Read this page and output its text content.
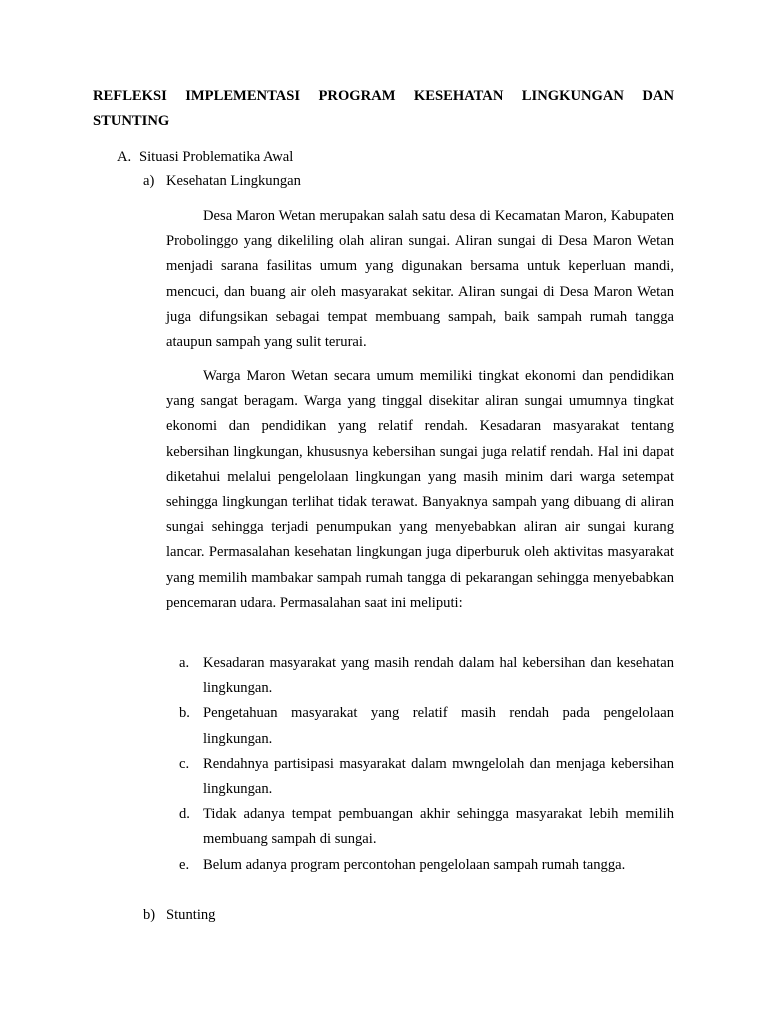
REFLEKSI IMPLEMENTASI PROGRAM KESEHATAN LINGKUNGAN DAN
STUNTING
A. Situasi Problematika Awal
a) Kesehatan Lingkungan

Desa Maron Wetan merupakan salah satu desa di Kecamatan Maron, Kabupaten Probolinggo yang dikeliling olah aliran sungai. Aliran sungai di Desa Maron Wetan menjadi sarana fasilitas umum yang digunakan bersama untuk keperluan mandi, mencuci, dan buang air oleh masyarakat sekitar. Aliran sungai di Desa Maron Wetan juga difungsikan sebagai tempat membuang sampah, baik sampah rumah tangga ataupun sampah yang sulit terurai.

Warga Maron Wetan secara umum memiliki tingkat ekonomi dan pendidikan yang sangat beragam. Warga yang tinggal disekitar aliran sungai umumnya tingkat ekonomi dan pendidikan yang relatif rendah. Kesadaran masyarakat tentang kebersihan lingkungan, khususnya kebersihan sungai juga relatif rendah. Hal ini dapat diketahui melalui pengelolaan lingkungan yang masih minim dari warga setempat sehingga lingkungan terlihat tidak terawat. Banyaknya sampah yang dibuang di aliran sungai sehingga terjadi penumpukan yang menyebabkan aliran air sungai kurang lancar. Permasalahan kesehatan lingkungan juga diperburuk oleh aktivitas masyarakat yang memilih mambakar sampah rumah tangga di pekarangan sehingga menyebabkan pencemaran udara. Permasalahan saat ini meliputi:

a. Kesadaran masyarakat yang masih rendah dalam hal kebersihan dan kesehatan lingkungan.
b. Pengetahuan masyarakat yang relatif masih rendah pada pengelolaan lingkungan.
c. Rendahnya partisipasi masyarakat dalam mwngelolah dan menjaga kebersihan lingkungan.
d. Tidak adanya tempat pembuangan akhir sehingga masyarakat lebih memilih membuang sampah di sungai.
e. Belum adanya program percontohan pengelolaan sampah rumah tangga.
b) Stunting
